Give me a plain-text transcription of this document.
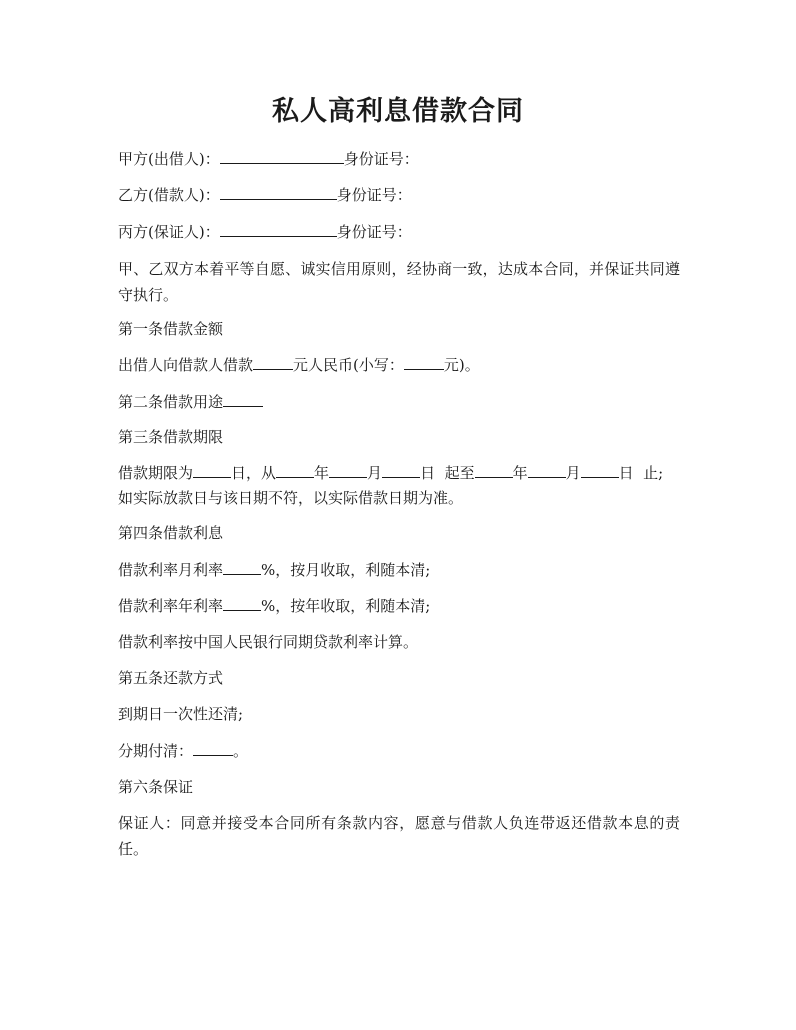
私人高利息借款合同

甲方(出借人)：	身份证号：

乙方(借款人)：	身份证号：

丙方(保证人)：	身份证号：

甲、乙双方本着平等自愿、诚实信用原则，经协商一致，达成本合同，并保证共同遵守执行。

第一条借款金额

出借人向借款人借款	元人民币(小写：	元)。

第二条借款用途

第三条借款期限

借款期限为	日，从	年	月	日  起至	年	月	日  止;

如实际放款日与该日期不符，以实际借款日期为准。

第四条借款利息

借款利率月利率	%，按月收取，利随本清;

借款利率年利率	%，按年收取，利随本清;

借款利率按中国人民银行同期贷款利率计算。

第五条还款方式

到期日一次性还清;

分期付清：	。

第六条保证

保证人：同意并接受本合同所有条款内容，愿意与借款人负连带返还借款本息的责任。
